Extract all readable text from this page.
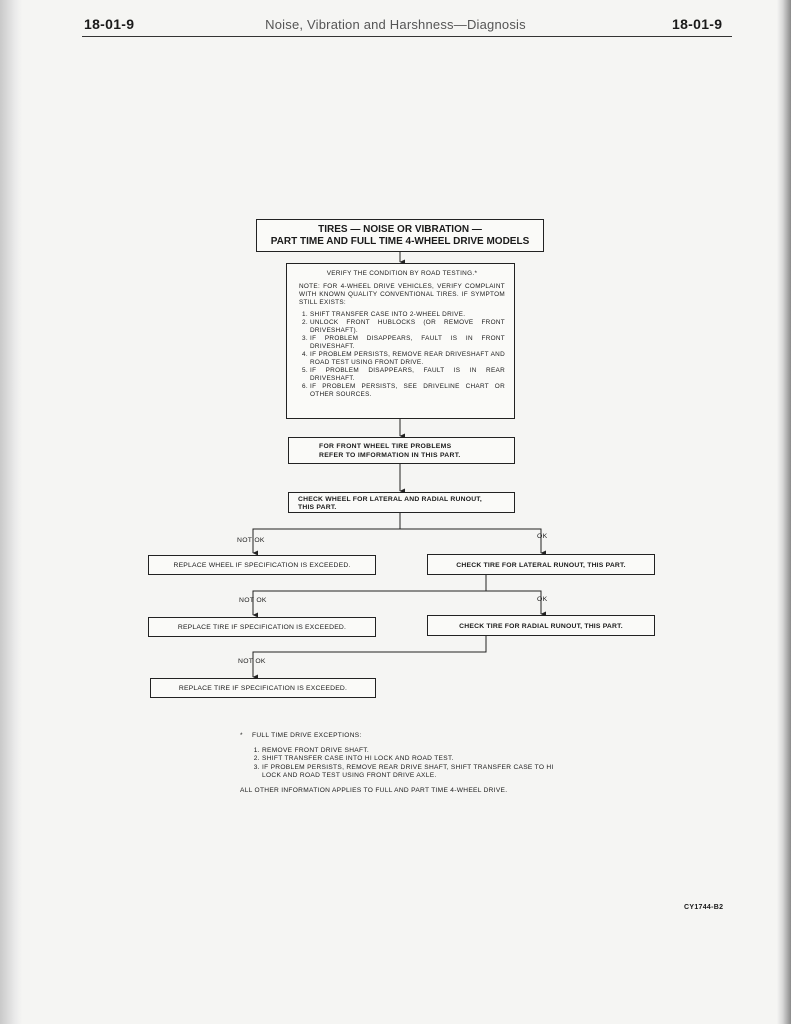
18-01-9	Noise, Vibration and Harshness—Diagnosis	18-01-9
TIRES — NOISE OR VIBRATION —
PART TIME AND FULL TIME 4-WHEEL DRIVE MODELS
VERIFY THE CONDITION BY ROAD TESTING.*
NOTE: FOR 4-WHEEL DRIVE VEHICLES, VERIFY COMPLAINT WITH KNOWN QUALITY CONVENTIONAL TIRES. IF SYMPTOM STILL EXISTS:
1. SHIFT TRANSFER CASE INTO 2-WHEEL DRIVE.
2. UNLOCK FRONT HUBLOCKS (OR REMOVE FRONT DRIVESHAFT).
3. IF PROBLEM DISAPPEARS, FAULT IS IN FRONT DRIVESHAFT.
4. IF PROBLEM PERSISTS, REMOVE REAR DRIVESHAFT AND ROAD TEST USING FRONT DRIVE.
5. IF PROBLEM DISAPPEARS, FAULT IS IN REAR DRIVESHAFT.
6. IF PROBLEM PERSISTS, SEE DRIVELINE CHART OR OTHER SOURCES.
FOR FRONT WHEEL TIRE PROBLEMS
REFER TO IMFORMATION IN THIS PART.
CHECK WHEEL FOR LATERAL AND RADIAL RUNOUT,
THIS PART.
NOT OK
OK
REPLACE WHEEL IF SPECIFICATION IS EXCEEDED.	CHECK TIRE FOR LATERAL RUNOUT, THIS PART.
NOT OK	OK
REPLACE TIRE IF SPECIFICATION IS EXCEEDED.	CHECK TIRE FOR RADIAL RUNOUT, THIS PART.
NOT OK
REPLACE TIRE IF SPECIFICATION IS EXCEEDED.
* FULL TIME DRIVE EXCEPTIONS:
1. REMOVE FRONT DRIVE SHAFT.
2. SHIFT TRANSFER CASE INTO HI LOCK AND ROAD TEST.
3. IF PROBLEM PERSISTS, REMOVE REAR DRIVE SHAFT, SHIFT TRANSFER CASE TO HI LOCK AND ROAD TEST USING FRONT DRIVE AXLE.
ALL OTHER INFORMATION APPLIES TO FULL AND PART TIME 4-WHEEL DRIVE.
CY1744-B2
